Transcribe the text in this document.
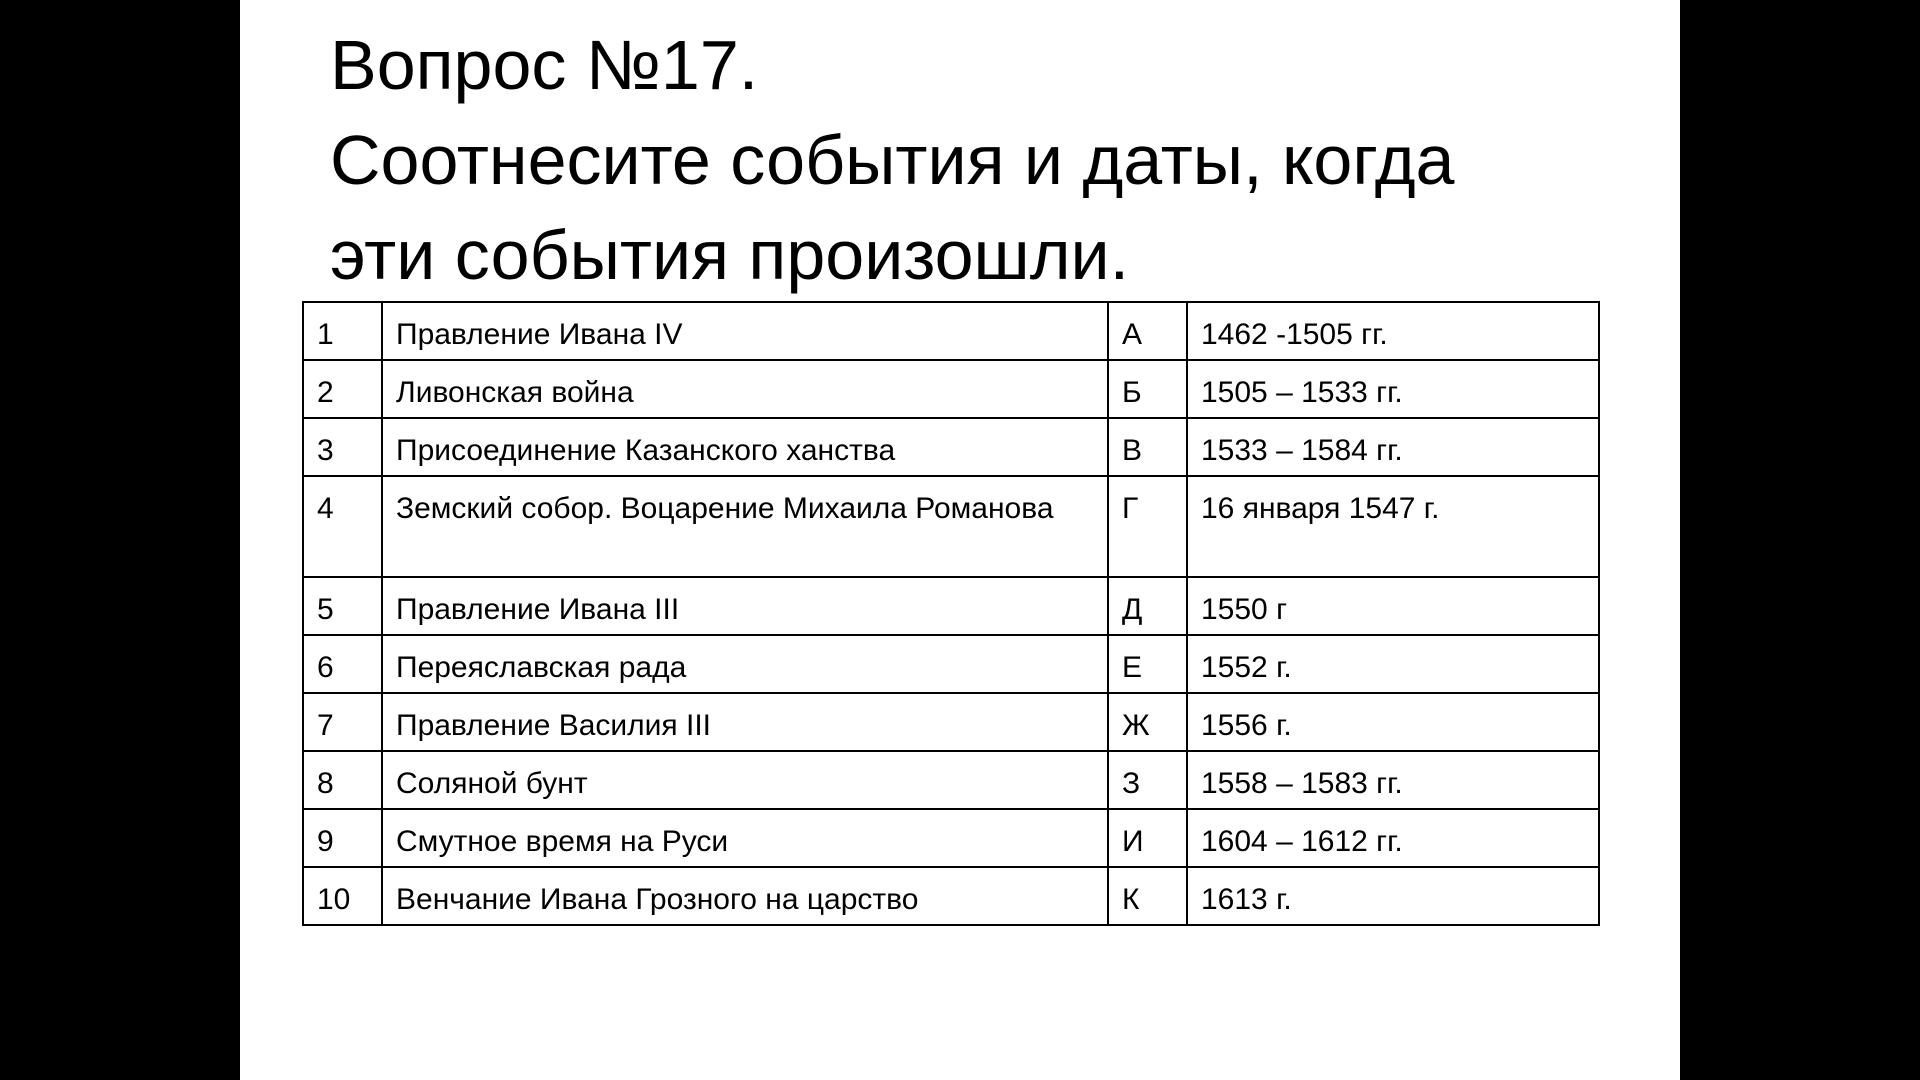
Вопрос №17.
Соотнесите события и даты, когда
эти события произошли.
1	Правление Ивана IV	А	1462 -1505 гг.
2	Ливонская война	Б	1505 – 1533 гг.
3	Присоединение Казанского ханства	В	1533 – 1584 гг.
4	Земский собор. Воцарение Михаила Романова	Г	16 января 1547 г.
5	Правление Ивана III	Д	1550 г
6	Переяславская рада	Е	1552 г.
7	Правление Василия III	Ж	1556 г.
8	Соляной бунт	З	1558 – 1583 гг.
9	Смутное время на Руси	И	1604 – 1612 гг.
10	Венчание Ивана Грозного на царство	К	1613 г.
